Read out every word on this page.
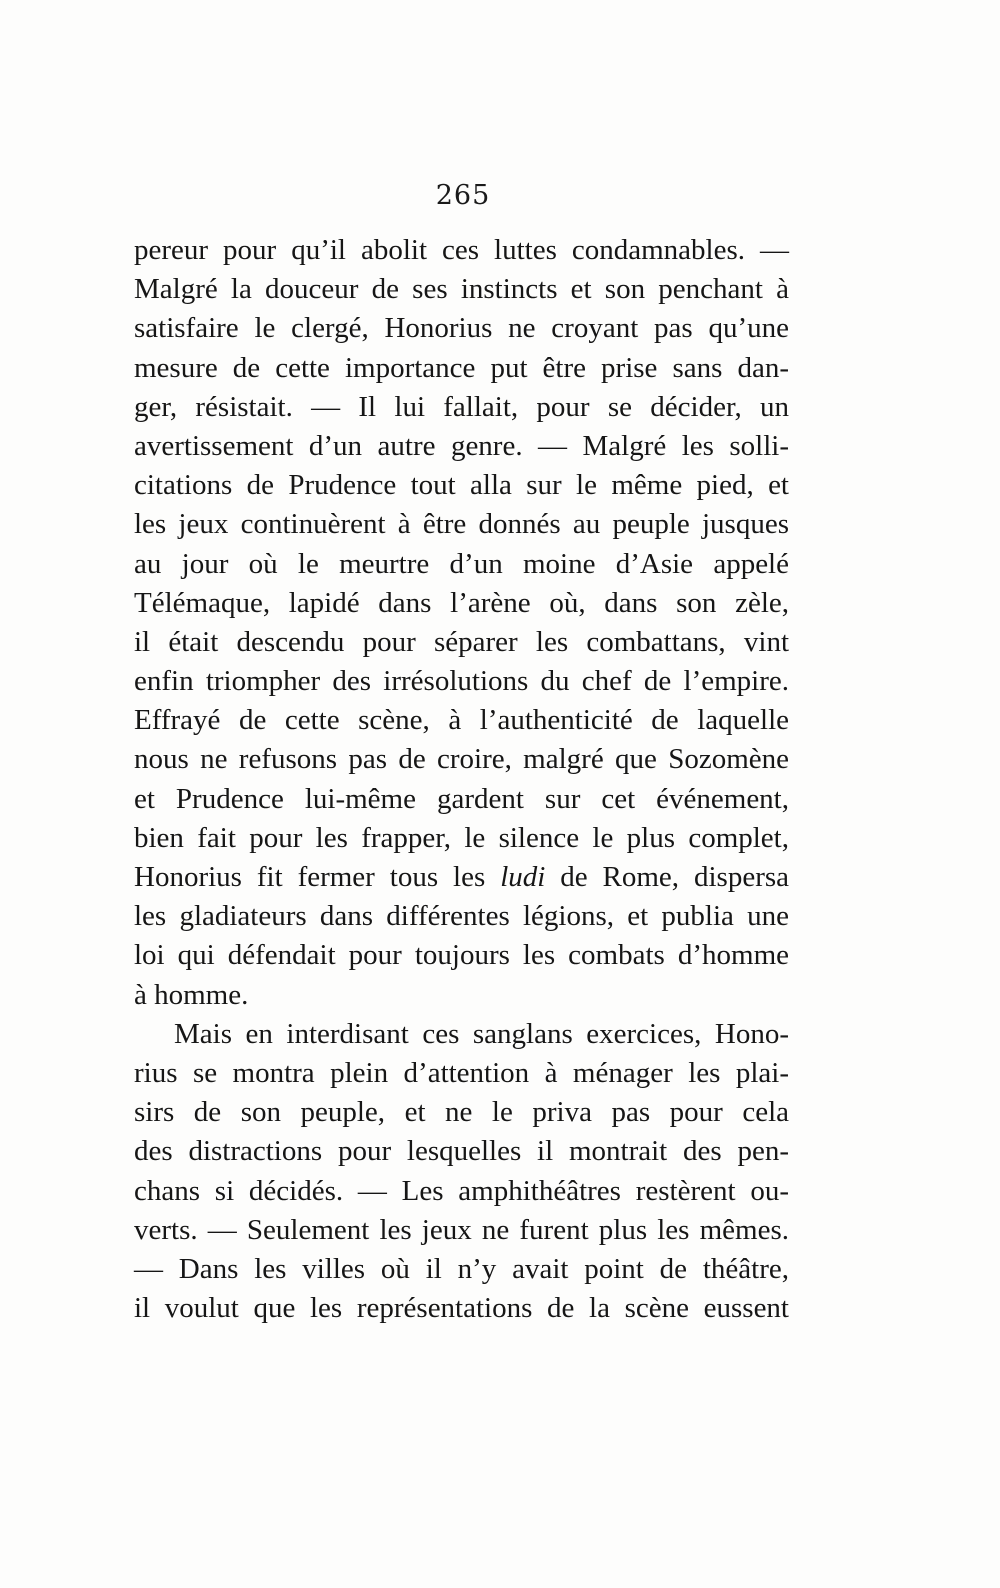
265
pereur pour qu’il abolit ces luttes condamnables. —
Malgré la douceur de ses instincts et son penchant à
satisfaire le clergé, Honorius ne croyant pas qu’une
mesure de cette importance put être prise sans dan-
ger, résistait. — Il lui fallait, pour se décider, un
avertissement d’un autre genre. — Malgré les solli-
citations de Prudence tout alla sur le même pied, et
les jeux continuèrent à être donnés au peuple jusques
au jour où le meurtre d’un moine d’Asie appelé
Télémaque, lapidé dans l’arène où, dans son zèle,
il était descendu pour séparer les combattans, vint
enfin triompher des irrésolutions du chef de l’empire.
Effrayé de cette scène, à l’authenticité de laquelle
nous ne refusons pas de croire, malgré que Sozomène
et Prudence lui-même gardent sur cet événement,
bien fait pour les frapper, le silence le plus complet,
Honorius fit fermer tous les ludi de Rome, dispersa
les gladiateurs dans différentes légions, et publia une
loi qui défendait pour toujours les combats d’homme
à homme.
Mais en interdisant ces sanglans exercices, Hono-
rius se montra plein d’attention à ménager les plai-
sirs de son peuple, et ne le priva pas pour cela
des distractions pour lesquelles il montrait des pen-
chans si décidés. — Les amphithéâtres restèrent ou-
verts. — Seulement les jeux ne furent plus les mêmes.
— Dans les villes où il n’y avait point de théâtre,
il voulut que les représentations de la scène eussent
